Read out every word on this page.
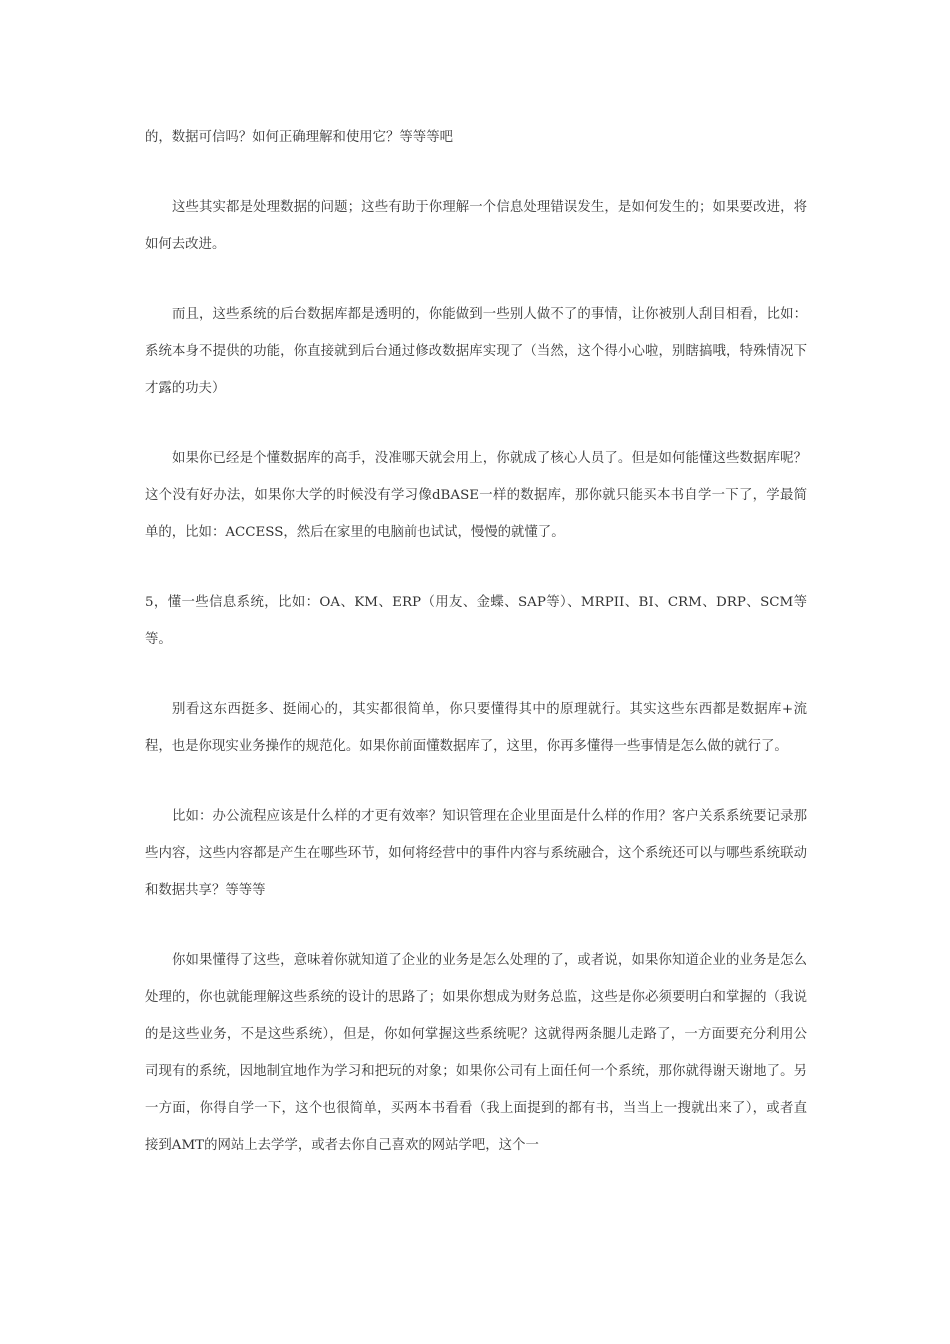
的，数据可信吗？如何正确理解和使用它？等等等吧

这些其实都是处理数据的问题；这些有助于你理解一个信息处理错误发生，是如何发生的；如果要改进，将如何去改进。

而且，这些系统的后台数据库都是透明的，你能做到一些别人做不了的事情，让你被别人刮目相看，比如：系统本身不提供的功能，你直接就到后台通过修改数据库实现了（当然，这个得小心啦，别瞎搞哦，特殊情况下才露的功夫）

如果你已经是个懂数据库的高手，没准哪天就会用上，你就成了核心人员了。但是如何能懂这些数据库呢？这个没有好办法，如果你大学的时候没有学习像dBASE一样的数据库，那你就只能买本书自学一下了，学最简单的，比如：ACCESS，然后在家里的电脑前也试试，慢慢的就懂了。

5，懂一些信息系统，比如：OA、KM、ERP（用友、金蝶、SAP等）、MRPII、BI、CRM、DRP、SCM等等。

别看这东西挺多、挺闹心的，其实都很简单，你只要懂得其中的原理就行。其实这些东西都是数据库+流程，也是你现实业务操作的规范化。如果你前面懂数据库了，这里，你再多懂得一些事情是怎么做的就行了。

比如：办公流程应该是什么样的才更有效率？知识管理在企业里面是什么样的作用？客户关系系统要记录那些内容，这些内容都是产生在哪些环节，如何将经营中的事件内容与系统融合，这个系统还可以与哪些系统联动和数据共享？等等等

你如果懂得了这些，意味着你就知道了企业的业务是怎么处理的了，或者说，如果你知道企业的业务是怎么处理的，你也就能理解这些系统的设计的思路了；如果你想成为财务总监，这些是你必须要明白和掌握的（我说的是这些业务，不是这些系统），但是，你如何掌握这些系统呢？这就得两条腿儿走路了，一方面要充分利用公司现有的系统，因地制宜地作为学习和把玩的对象；如果你公司有上面任何一个系统，那你就得谢天谢地了。另一方面，你得自学一下，这个也很简单，买两本书看看（我上面提到的都有书，当当上一搜就出来了），或者直接到AMT的网站上去学学，或者去你自己喜欢的网站学吧，这个一
